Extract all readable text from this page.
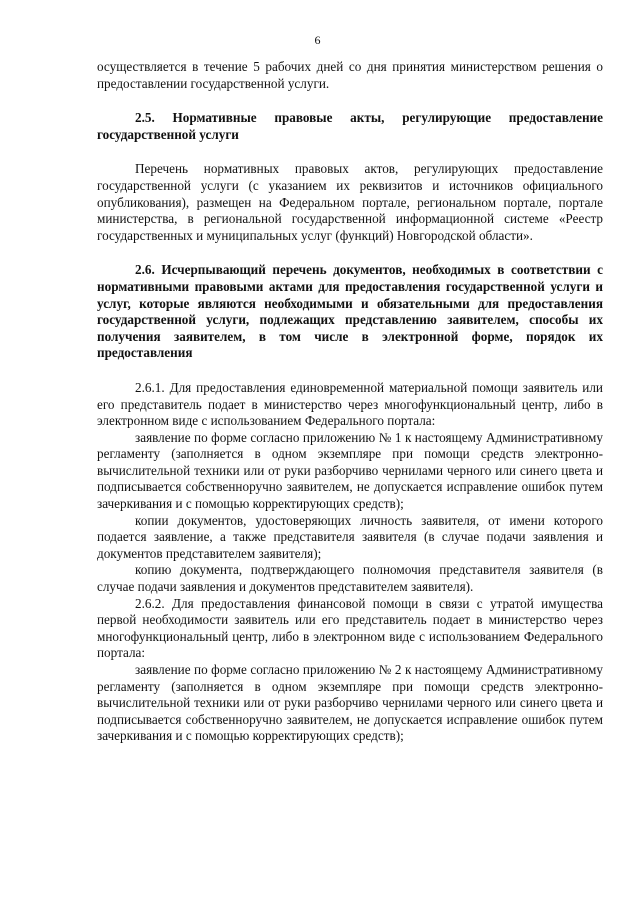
6

осуществляется в течение 5 рабочих дней со дня принятия министерством решения о предоставлении государственной услуги.

2.5. Нормативные правовые акты, регулирующие предоставление государственной услуги

Перечень нормативных правовых актов, регулирующих предоставление государственной услуги (с указанием их реквизитов и источников официального опубликования), размещен на Федеральном портале, региональном портале, портале министерства, в региональной государственной информационной системе «Реестр государственных и муниципальных услуг (функций) Новгородской области».

2.6. Исчерпывающий перечень документов, необходимых в соответствии с нормативными правовыми актами для предоставления государственной услуги и услуг, которые являются необходимыми и обязательными для предоставления государственной услуги, подлежащих представлению заявителем, способы их получения заявителем, в том числе в электронной форме, порядок их предоставления

2.6.1. Для предоставления единовременной материальной помощи заявитель или его представитель подает в министерство через многофункциональный центр, либо в электронном виде с использованием Федерального портала:

заявление по форме согласно приложению № 1 к настоящему Административному регламенту (заполняется в одном экземпляре при помощи средств электронно-вычислительной техники или от руки разборчиво чернилами черного или синего цвета и подписывается собственноручно заявителем, не допускается исправление ошибок путем зачеркивания и с помощью корректирующих средств);

копии документов, удостоверяющих личность заявителя, от имени которого подается заявление, а также представителя заявителя (в случае подачи заявления и документов представителем заявителя);

копию документа, подтверждающего полномочия представителя заявителя (в случае подачи заявления и документов представителем заявителя).

2.6.2. Для предоставления финансовой помощи в связи с утратой имущества первой необходимости заявитель или его представитель подает в министерство через многофункциональный центр, либо в электронном виде с использованием Федерального портала:

заявление по форме согласно приложению № 2 к настоящему Административному регламенту (заполняется в одном экземпляре при помощи средств электронно-вычислительной техники или от руки разборчиво чернилами черного или синего цвета и подписывается собственноручно заявителем, не допускается исправление ошибок путем зачеркивания и с помощью корректирующих средств);
